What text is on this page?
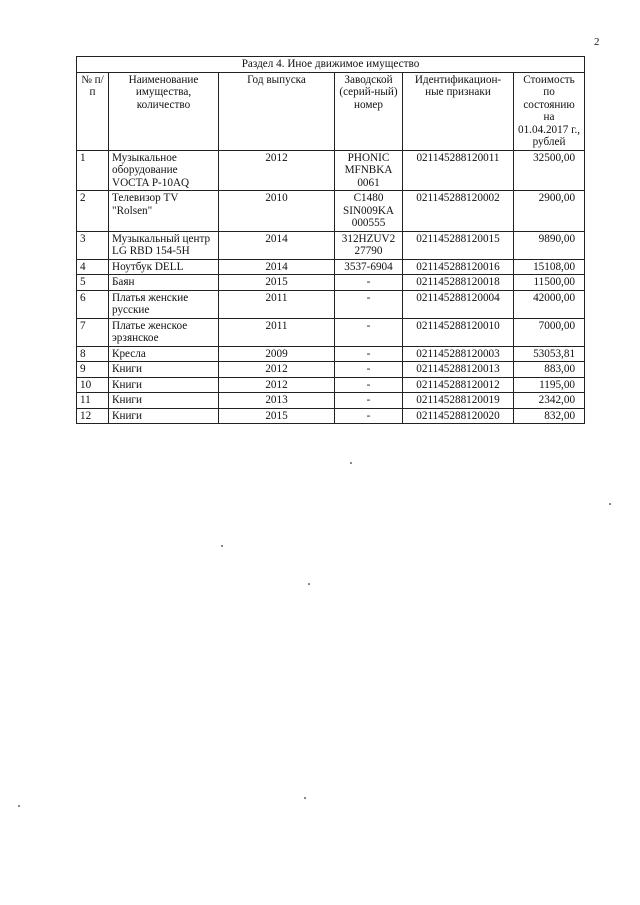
2
Раздел 4. Иное движимое имущество					
№ п/п	Наименование имущества, количество	Год выпуска	Заводской (серий-ный) номер	Идентификацион-ные признаки	Стоимость по состоянию на 01.04.2017 г., рублей
1	Музыкальное оборудование VOCTA P-10AQ	2012	PHONIC MFNBKA 0061	021145288120011	32500,00
2	Телевизор TV "Rolsen"	2010	C1480 SIN009KA 000555	021145288120002	2900,00
3	Музыкальный центр LG RBD 154-5H	2014	312HZUV2 27790	021145288120015	9890,00
4	Ноутбук DELL	2014	3537-6904	021145288120016	15108,00
5	Баян	2015	-	021145288120018	11500,00
6	Платья женские русские	2011	-	021145288120004	42000,00
7	Платье женское эрзянское	2011	-	021145288120010	7000,00
8	Кресла	2009	-	021145288120003	53053,81
9	Книги	2012	-	021145288120013	883,00
10	Книги	2012	-	021145288120012	1195,00
11	Книги	2013	-	021145288120019	2342,00
12	Книги	2015	-	021145288120020	832,00
